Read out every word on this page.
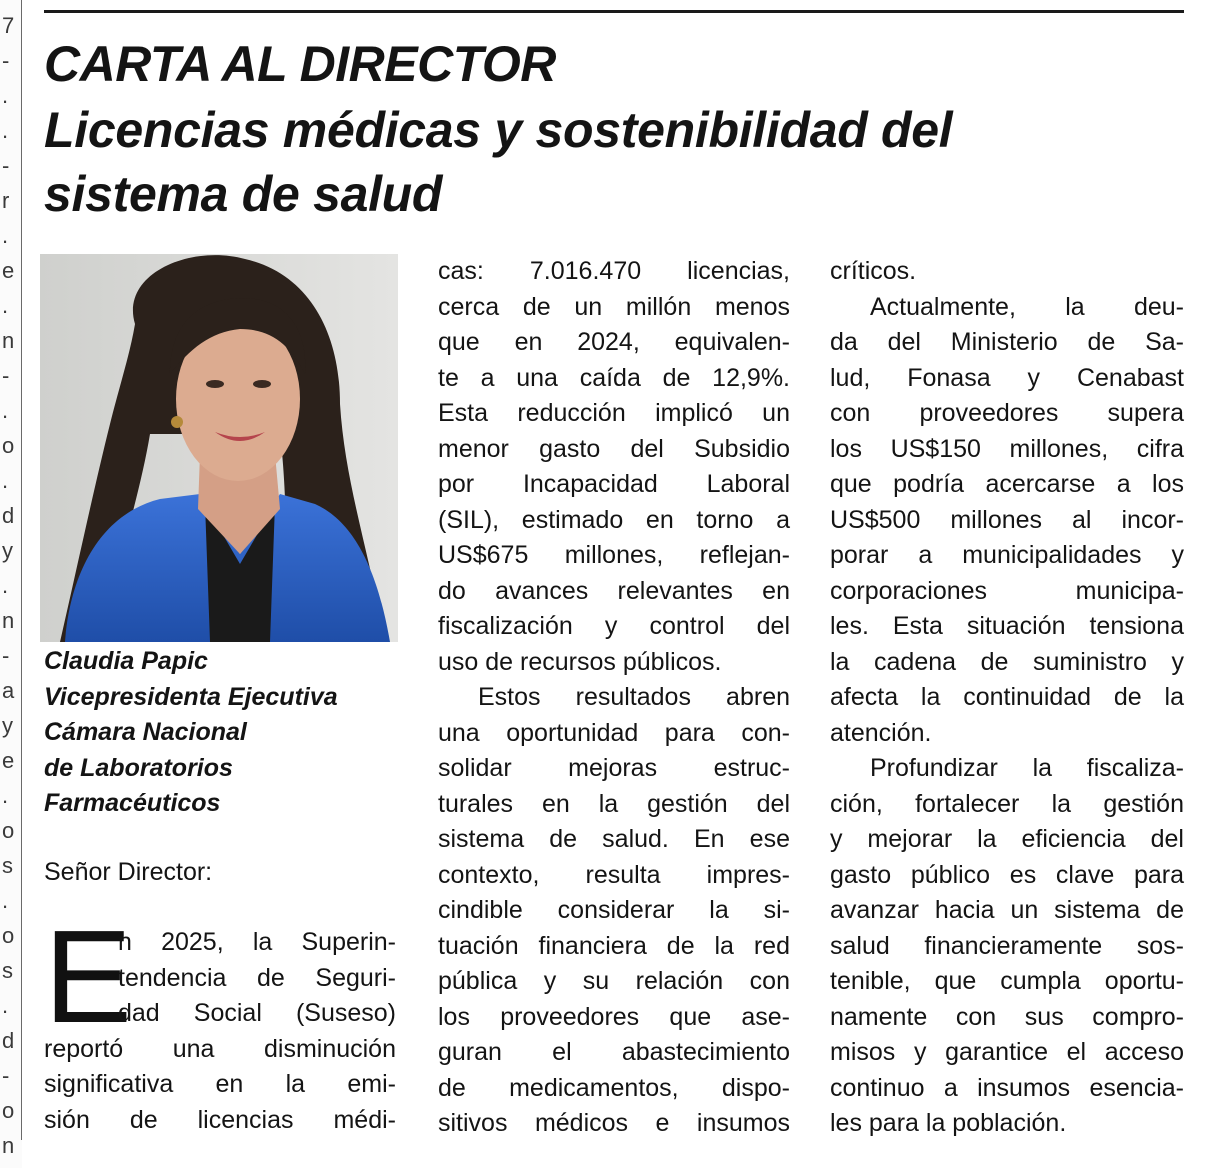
7
-
.
.
-
r
.
e
.
n
-
.
o
.
d
y
.
n
-
a
y
e
.
o
s
.
o
s
.
d
-
o
n
CARTA AL DIRECTOR
Licencias médicas y sostenibilidad del
sistema de salud
Claudia Papic
Vicepresidenta Ejecutiva
Cámara Nacional
de Laboratorios
Farmacéuticos
Señor Director:
E
n 2025, la Superin-
tendencia de Seguri-
dad Social (Suseso)
reportó una disminución
significativa en la emi-
sión de licencias médi-
cas: 7.016.470 licencias,
cerca de un millón menos
que en 2024, equivalen-
te a una caída de 12,9%.
Esta reducción implicó un
menor gasto del Subsidio
por Incapacidad Laboral
(SIL), estimado en torno a
US$675 millones, reflejan-
do avances relevantes en
fiscalización y control del
uso de recursos públicos.
Estos resultados abren
una oportunidad para con-
solidar mejoras estruc-
turales en la gestión del
sistema de salud. En ese
contexto, resulta impres-
cindible considerar la si-
tuación financiera de la red
pública y su relación con
los proveedores que ase-
guran el abastecimiento
de medicamentos, dispo-
sitivos médicos e insumos
críticos.
Actualmente, la deu-
da del Ministerio de Sa-
lud, Fonasa y Cenabast
con proveedores supera
los US$150 millones, cifra
que podría acercarse a los
US$500 millones al incor-
porar a municipalidades y
corporaciones municipa-
les. Esta situación tensiona
la cadena de suministro y
afecta la continuidad de la
atención.
Profundizar la fiscaliza-
ción, fortalecer la gestión
y mejorar la eficiencia del
gasto público es clave para
avanzar hacia un sistema de
salud financieramente sos-
tenible, que cumpla oportu-
namente con sus compro-
misos y garantice el acceso
continuo a insumos esencia-
les para la población.
